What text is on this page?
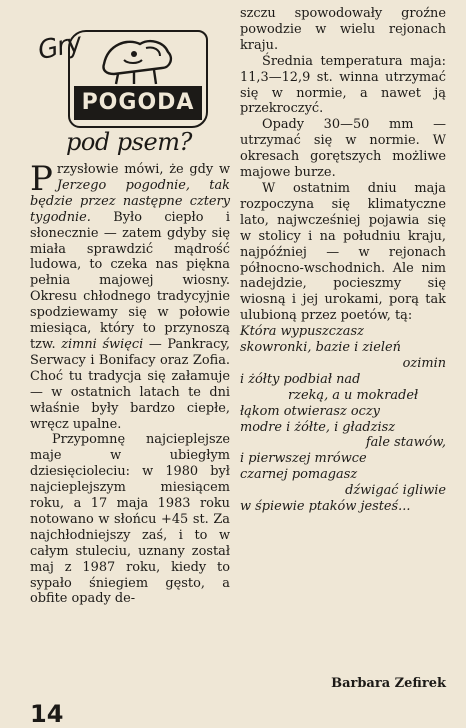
Gry
POGODA
pod psem?

Przysłowie mówi, że gdy w Jerzego pogodnie, tak będzie przez następne cztery tygodnie. Było ciepło i słonecznie — zatem gdyby się miała sprawdzić mądrość ludowa, to czeka nas piękna pełnia majowej wiosny. Okresu chłodnego tradycyjnie spodziewamy się w połowie miesiąca, który to przynoszą tzw. zimni święci — Pankracy, Serwacy i Bonifacy oraz Zofia. Choć tu tradycja się załamuje — w ostatnich latach te dni właśnie były bardzo ciepłe, wręcz upalne.

Przypomnę najcieplejsze maje w ubiegłym dziesięcioleciu: w 1980 był najcieplejszym miesiącem roku, a 17 maja 1983 roku notowano w słońcu +45 st. Za najchłodniejszy zaś, i to w całym stuleciu, uznany został maj z 1987 roku, kiedy to sypało śniegiem gęsto, a obfite opady de-

szczu spowodowały groźne powodzie w wielu rejonach kraju.

Średnia temperatura maja: 11,3—12,9 st. winna utrzymać się w normie, a nawet ją przekroczyć.

Opady 30—50 mm — utrzymać się w normie. W okresach gorętszych możliwe majowe burze.

W ostatnim dniu maja rozpoczyna się klimatyczne lato, najwcześniej pojawia się w stolicy i na południu kraju, najpóźniej — w rejonach północno-wschodnich. Ale nim nadejdzie, pocieszmy się wiosną i jej urokami, porą tak ulubioną przez poetów, tą:

Która wypuszczasz
skowronki, bazie i zieleń
ozimin
i żółty podbiał nad
rzeką, a u mokradeł
łąkom otwierasz oczy
modre i żółte, i gładzisz
fale stawów,
i pierwszej mrówce
czarnej pomagasz
dźwigać igliwie
w śpiewie ptaków jesteś...
Barbara Zefirek
14
